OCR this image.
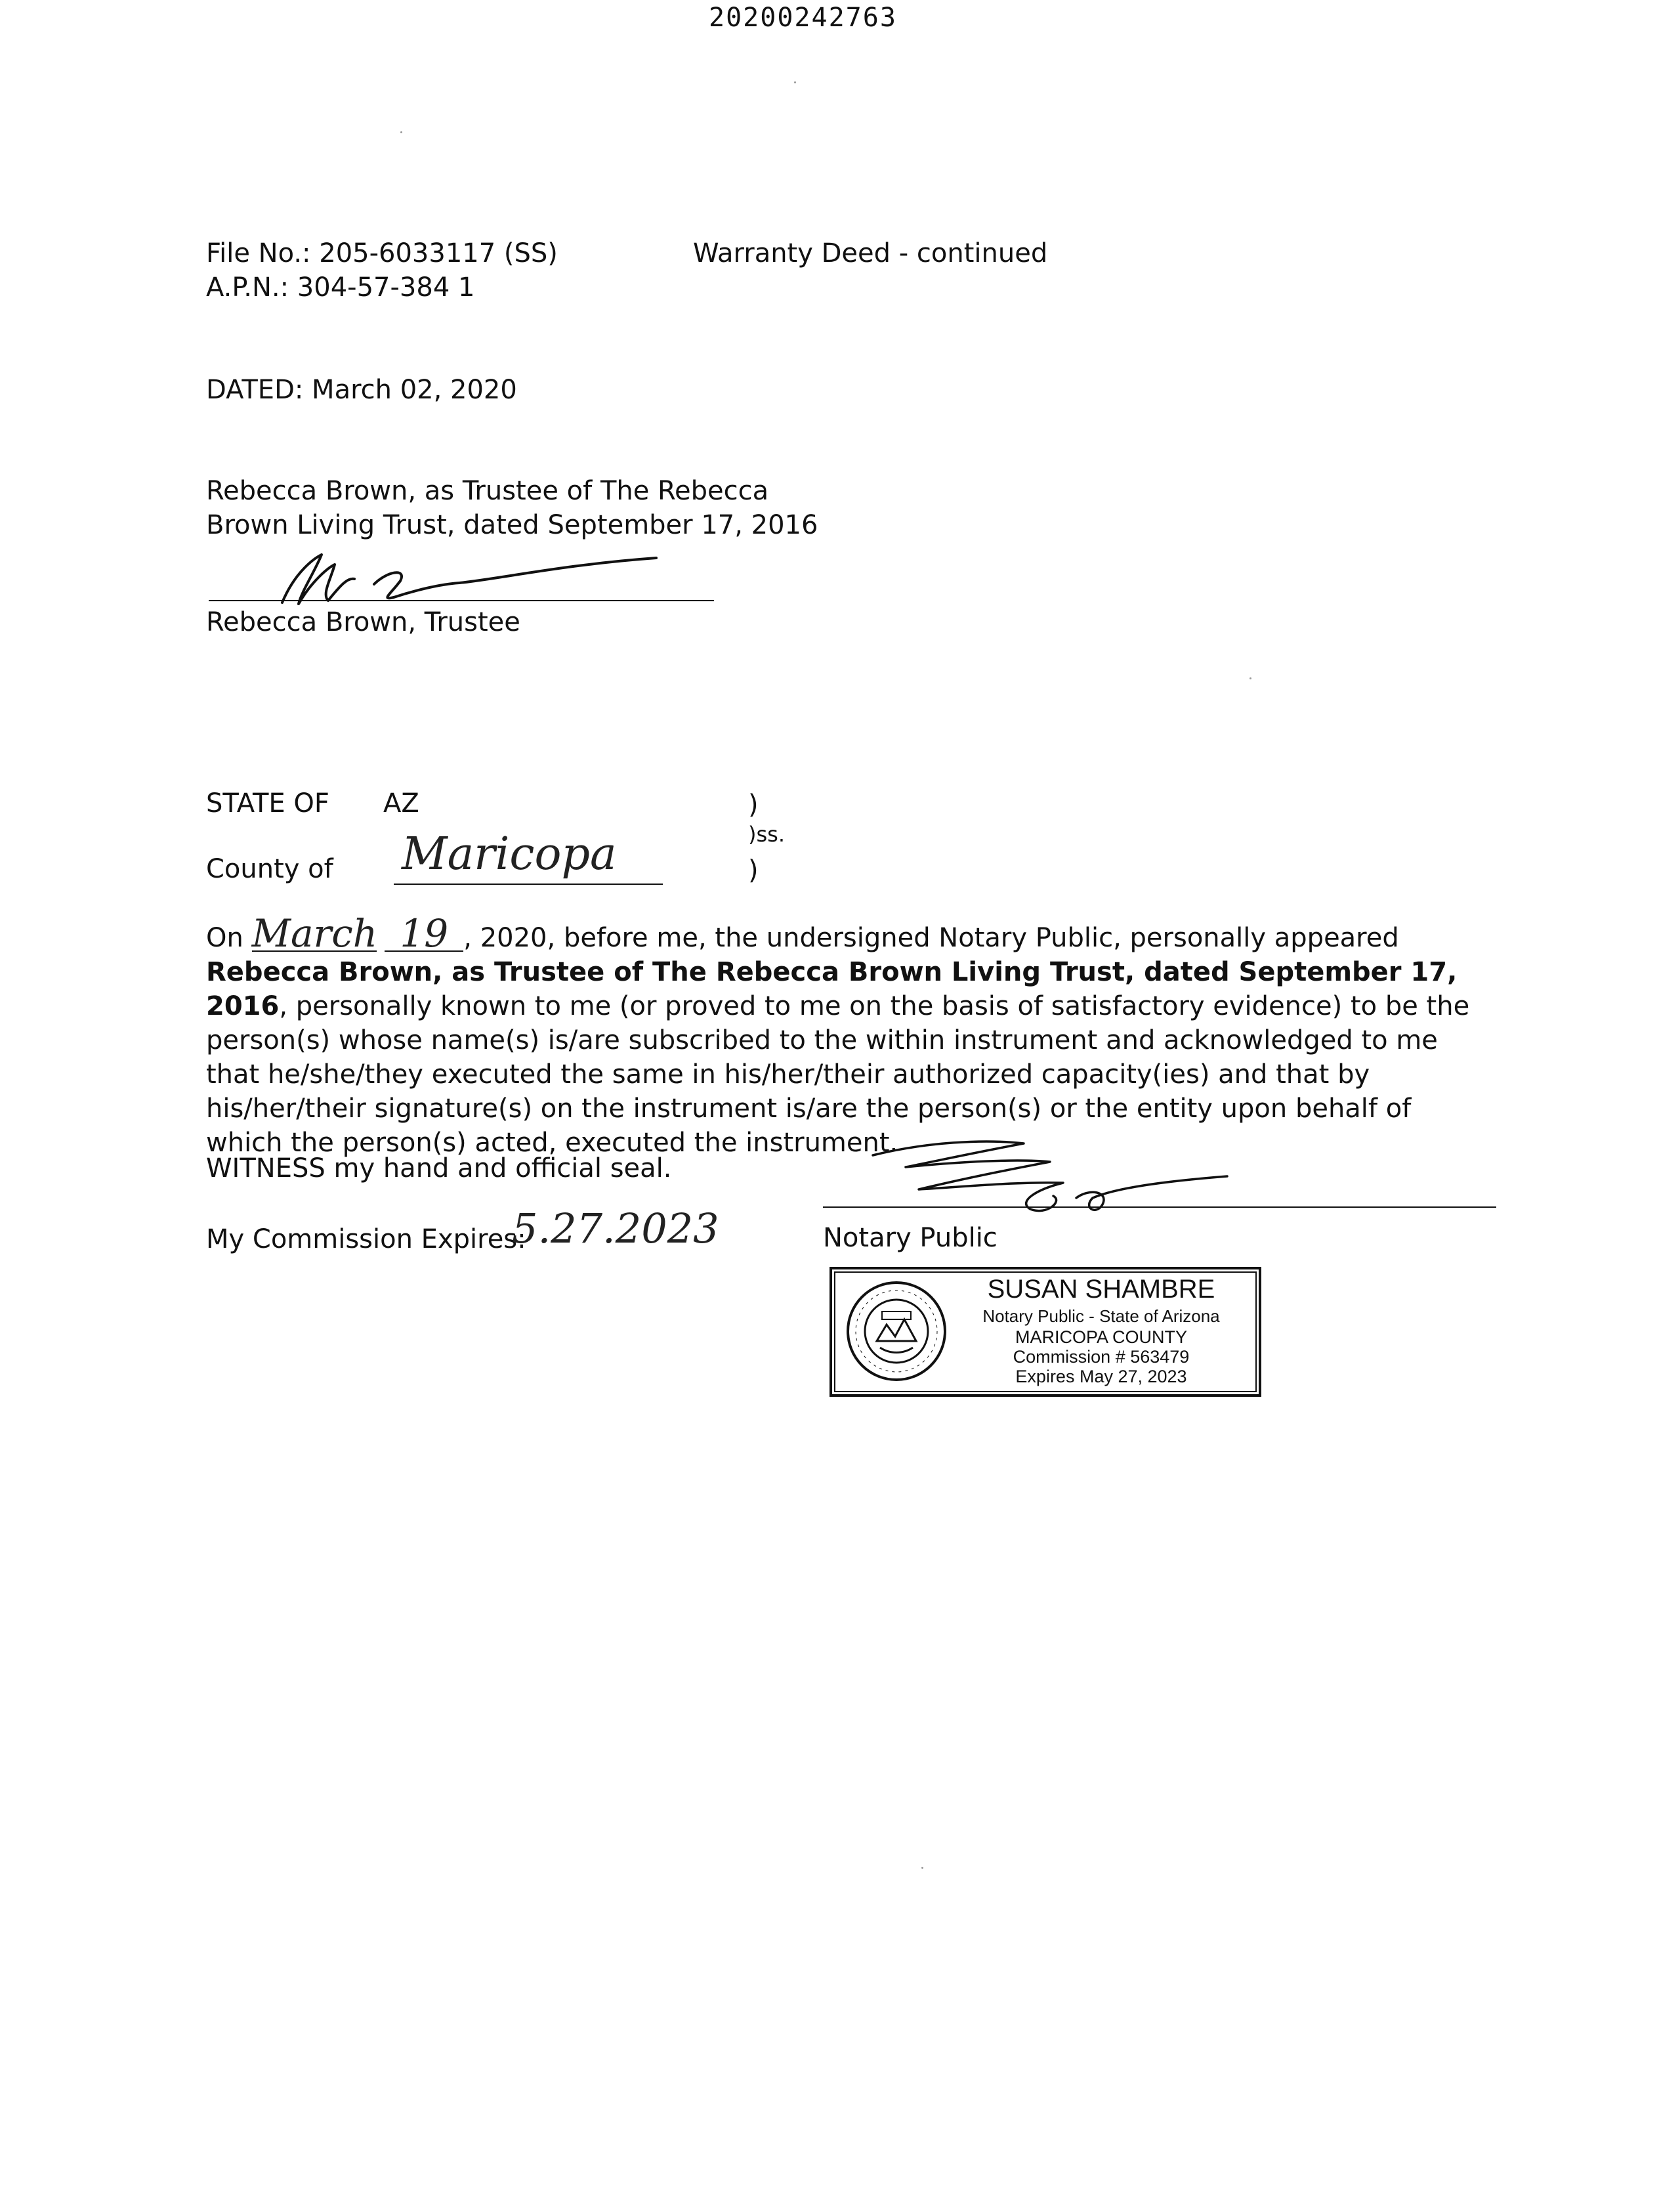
20200242763
File No.: 205-6033117 (SS)
A.P.N.: 304-57-384 1
Warranty Deed - continued
DATED: March 02, 2020
Rebecca Brown, as Trustee of The Rebecca
Brown Living Trust, dated September 17, 2016
Rebecca Brown, Trustee
STATE OF AZ
County of Maricopa
)
)ss.
)
On March 19 , 2020, before me, the undersigned Notary Public, personally appeared Rebecca Brown, as Trustee of The Rebecca Brown Living Trust, dated September 17, 2016, personally known to me (or proved to me on the basis of satisfactory evidence) to be the person(s) whose name(s) is/are subscribed to the within instrument and acknowledged to me that he/she/they executed the same in his/her/their authorized capacity(ies) and that by his/her/their signature(s) on the instrument is/are the person(s) or the entity upon behalf of which the person(s) acted, executed the instrument.
WITNESS my hand and official seal.
My Commission Expires:
5.27.2023	Notary Public
SUSAN SHAMBRE
Notary Public - State of Arizona
MARICOPA COUNTY
Commission # 563479
Expires May 27, 2023
